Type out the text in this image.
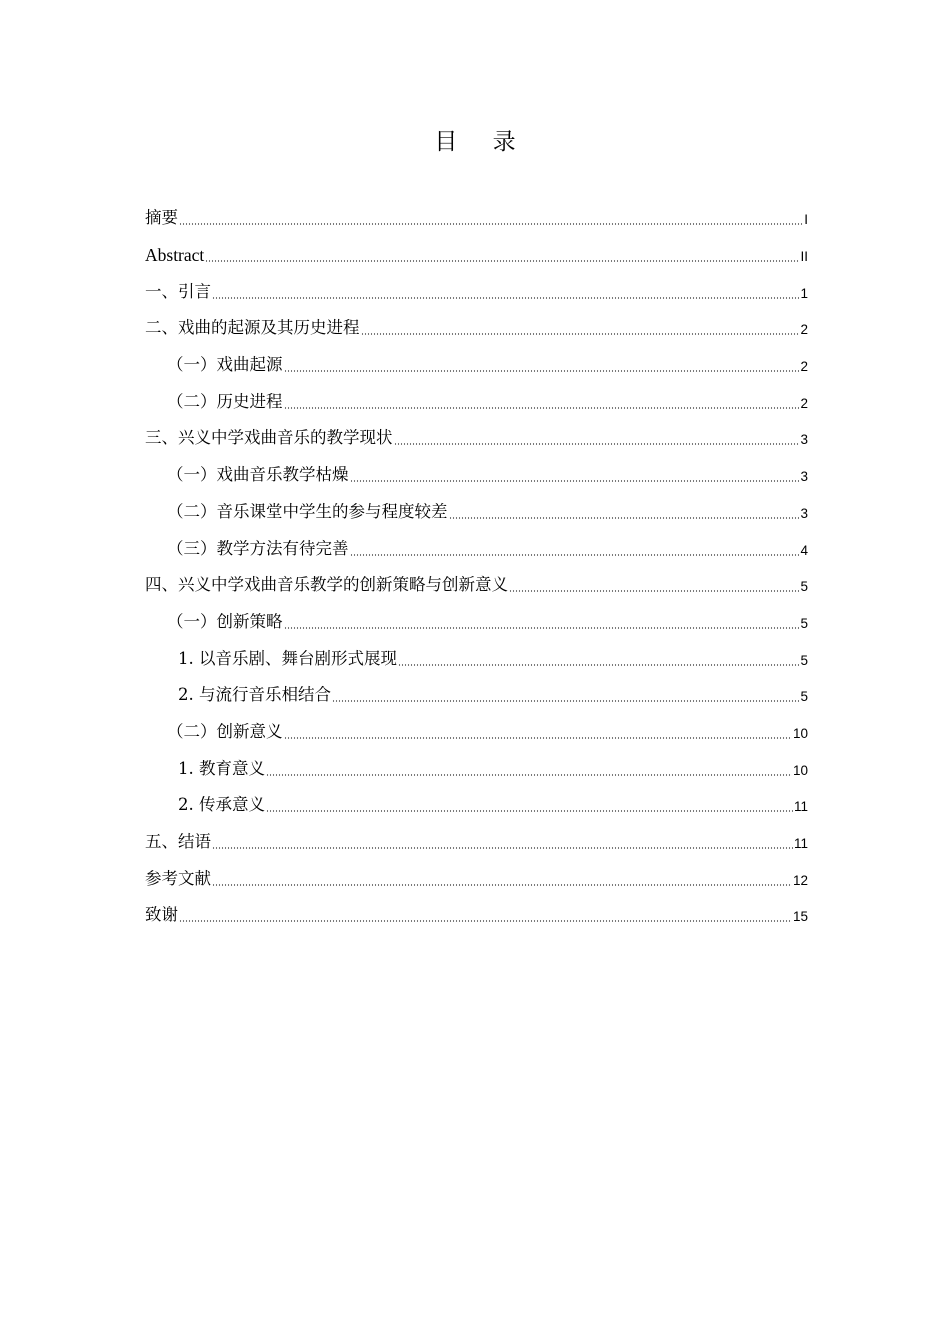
目 录
摘要	I
Abstract	II
一、引言	1
二、戏曲的起源及其历史进程	2
（一）戏曲起源	2
（二）历史进程	2
三、兴义中学戏曲音乐的教学现状	3
（一）戏曲音乐教学枯燥	3
（二）音乐课堂中学生的参与程度较差	3
（三）教学方法有待完善	4
四、兴义中学戏曲音乐教学的创新策略与创新意义	5
（一）创新策略	5
1. 以音乐剧、舞台剧形式展现	5
2. 与流行音乐相结合	5
（二）创新意义	10
1. 教育意义	10
2. 传承意义	11
五、结语	11
参考文献	12
致谢	15
